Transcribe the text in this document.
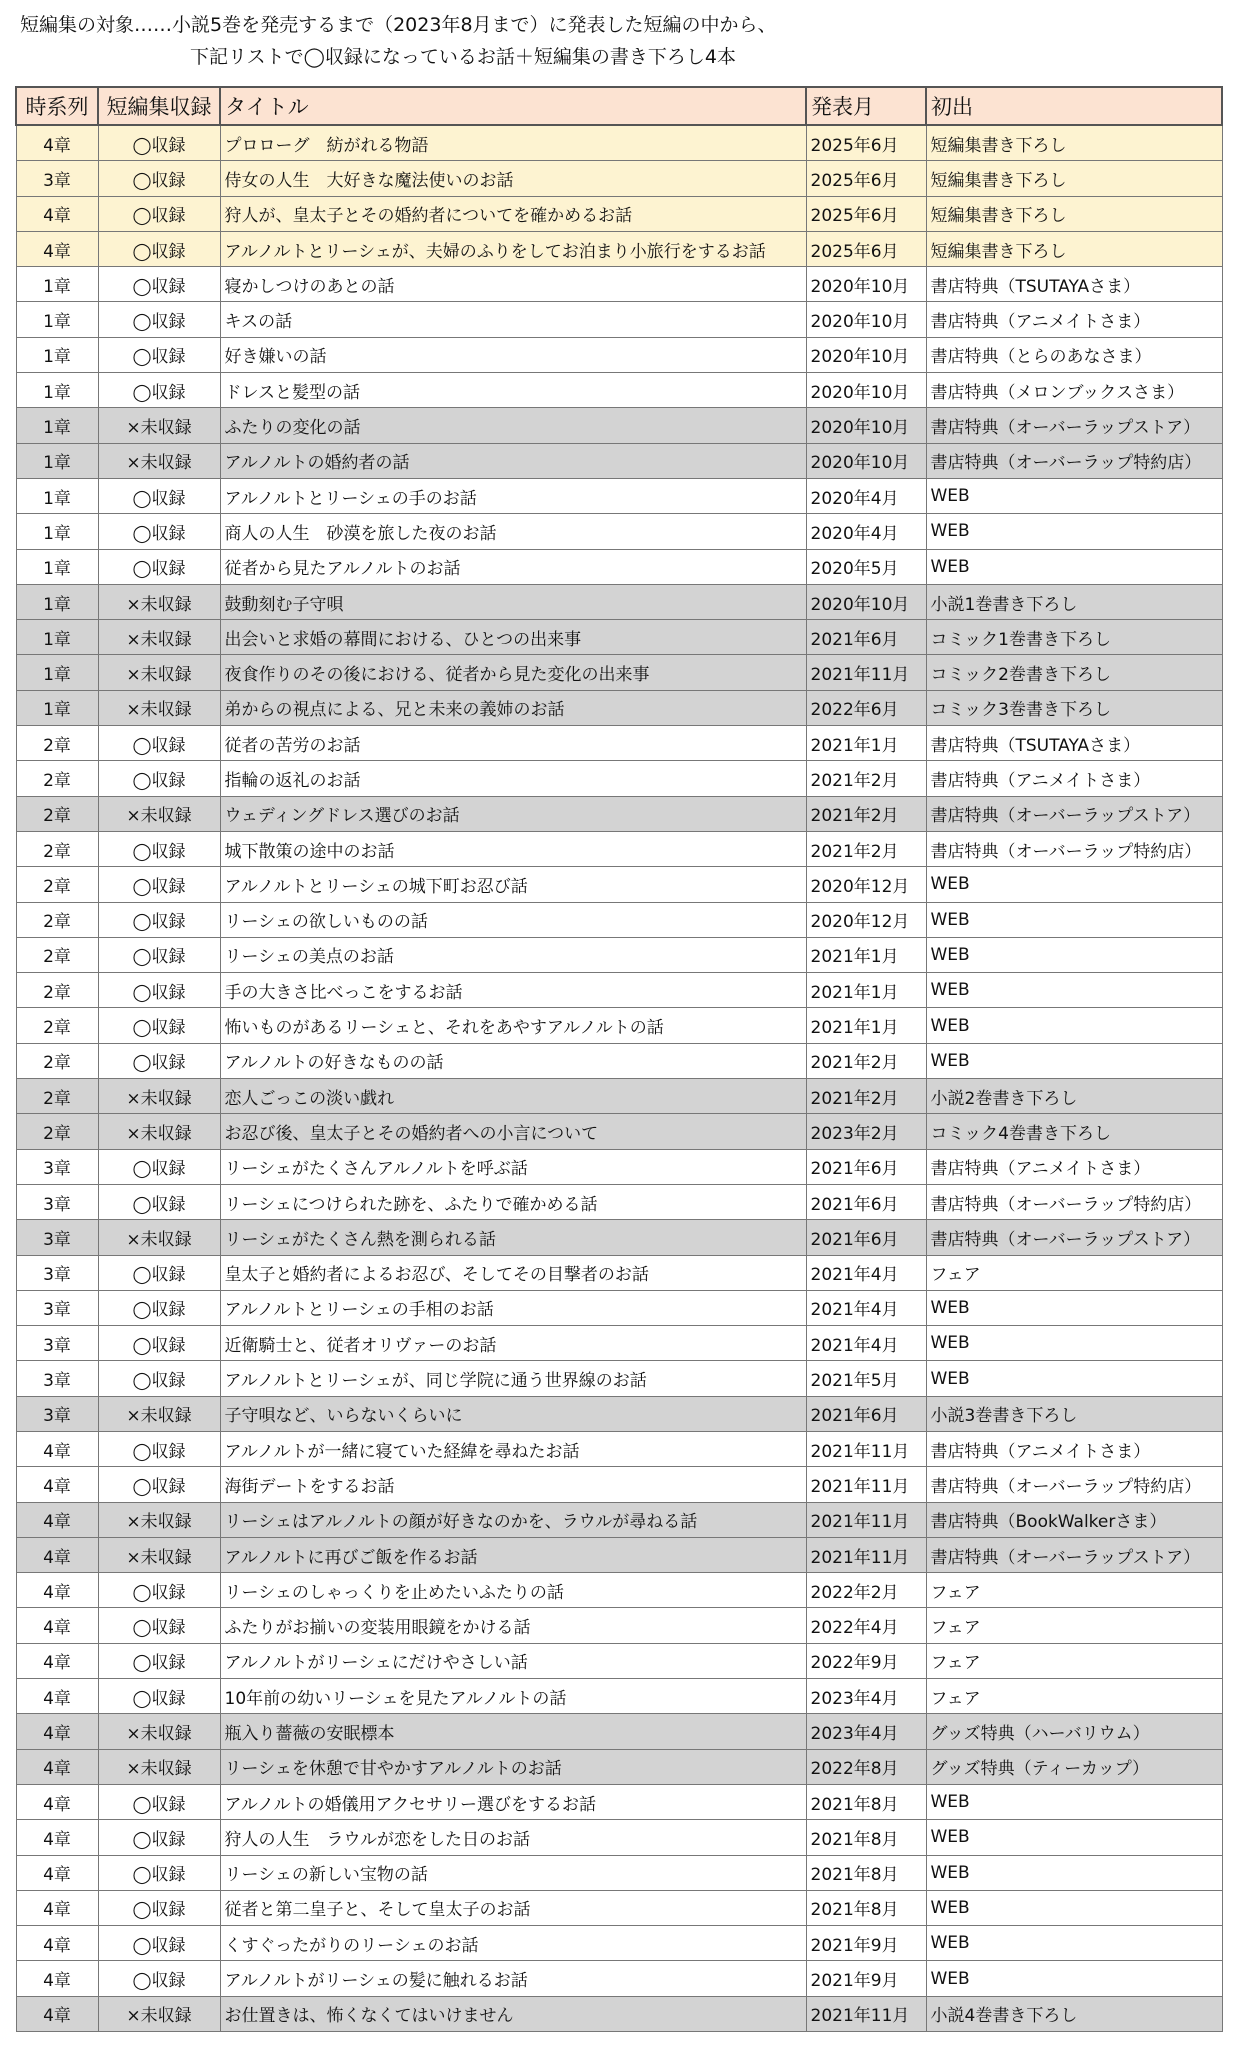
短編集の対象……小説5巻を発売するまで（2023年8月まで）に発表した短編の中から、
下記リストで◯収録になっているお話＋短編集の書き下ろし4本
時系列	短編集収録	タイトル	発表月	初出
4章	◯収録	プロローグ　紡がれる物語	2025年6月	短編集書き下ろし
3章	◯収録	侍女の人生　大好きな魔法使いのお話	2025年6月	短編集書き下ろし
4章	◯収録	狩人が、皇太子とその婚約者についてを確かめるお話	2025年6月	短編集書き下ろし
4章	◯収録	アルノルトとリーシェが、夫婦のふりをしてお泊まり小旅行をするお話	2025年6月	短編集書き下ろし
1章	◯収録	寝かしつけのあとの話	2020年10月	書店特典（TSUTAYAさま）
1章	◯収録	キスの話	2020年10月	書店特典（アニメイトさま）
1章	◯収録	好き嫌いの話	2020年10月	書店特典（とらのあなさま）
1章	◯収録	ドレスと髪型の話	2020年10月	書店特典（メロンブックスさま）
1章	×未収録	ふたりの変化の話	2020年10月	書店特典（オーバーラップストア）
1章	×未収録	アルノルトの婚約者の話	2020年10月	書店特典（オーバーラップ特約店）
1章	◯収録	アルノルトとリーシェの手のお話	2020年4月	WEB
1章	◯収録	商人の人生　砂漠を旅した夜のお話	2020年4月	WEB
1章	◯収録	従者から見たアルノルトのお話	2020年5月	WEB
1章	×未収録	鼓動刻む子守唄	2020年10月	小説1巻書き下ろし
1章	×未収録	出会いと求婚の幕間における、ひとつの出来事	2021年6月	コミック1巻書き下ろし
1章	×未収録	夜食作りのその後における、従者から見た変化の出来事	2021年11月	コミック2巻書き下ろし
1章	×未収録	弟からの視点による、兄と未来の義姉のお話	2022年6月	コミック3巻書き下ろし
2章	◯収録	従者の苦労のお話	2021年1月	書店特典（TSUTAYAさま）
2章	◯収録	指輪の返礼のお話	2021年2月	書店特典（アニメイトさま）
2章	×未収録	ウェディングドレス選びのお話	2021年2月	書店特典（オーバーラップストア）
2章	◯収録	城下散策の途中のお話	2021年2月	書店特典（オーバーラップ特約店）
2章	◯収録	アルノルトとリーシェの城下町お忍び話	2020年12月	WEB
2章	◯収録	リーシェの欲しいものの話	2020年12月	WEB
2章	◯収録	リーシェの美点のお話	2021年1月	WEB
2章	◯収録	手の大きさ比べっこをするお話	2021年1月	WEB
2章	◯収録	怖いものがあるリーシェと、それをあやすアルノルトの話	2021年1月	WEB
2章	◯収録	アルノルトの好きなものの話	2021年2月	WEB
2章	×未収録	恋人ごっこの淡い戯れ	2021年2月	小説2巻書き下ろし
2章	×未収録	お忍び後、皇太子とその婚約者への小言について	2023年2月	コミック4巻書き下ろし
3章	◯収録	リーシェがたくさんアルノルトを呼ぶ話	2021年6月	書店特典（アニメイトさま）
3章	◯収録	リーシェにつけられた跡を、ふたりで確かめる話	2021年6月	書店特典（オーバーラップ特約店）
3章	×未収録	リーシェがたくさん熱を測られる話	2021年6月	書店特典（オーバーラップストア）
3章	◯収録	皇太子と婚約者によるお忍び、そしてその目撃者のお話	2021年4月	フェア
3章	◯収録	アルノルトとリーシェの手相のお話	2021年4月	WEB
3章	◯収録	近衛騎士と、従者オリヴァーのお話	2021年4月	WEB
3章	◯収録	アルノルトとリーシェが、同じ学院に通う世界線のお話	2021年5月	WEB
3章	×未収録	子守唄など、いらないくらいに	2021年6月	小説3巻書き下ろし
4章	◯収録	アルノルトが一緒に寝ていた経緯を尋ねたお話	2021年11月	書店特典（アニメイトさま）
4章	◯収録	海街デートをするお話	2021年11月	書店特典（オーバーラップ特約店）
4章	×未収録	リーシェはアルノルトの顔が好きなのかを、ラウルが尋ねる話	2021年11月	書店特典（BookWalkerさま）
4章	×未収録	アルノルトに再びご飯を作るお話	2021年11月	書店特典（オーバーラップストア）
4章	◯収録	リーシェのしゃっくりを止めたいふたりの話	2022年2月	フェア
4章	◯収録	ふたりがお揃いの変装用眼鏡をかける話	2022年4月	フェア
4章	◯収録	アルノルトがリーシェにだけやさしい話	2022年9月	フェア
4章	◯収録	10年前の幼いリーシェを見たアルノルトの話	2023年4月	フェア
4章	×未収録	瓶入り薔薇の安眠標本	2023年4月	グッズ特典（ハーバリウム）
4章	×未収録	リーシェを休憩で甘やかすアルノルトのお話	2022年8月	グッズ特典（ティーカップ）
4章	◯収録	アルノルトの婚儀用アクセサリー選びをするお話	2021年8月	WEB
4章	◯収録	狩人の人生　ラウルが恋をした日のお話	2021年8月	WEB
4章	◯収録	リーシェの新しい宝物の話	2021年8月	WEB
4章	◯収録	従者と第二皇子と、そして皇太子のお話	2021年8月	WEB
4章	◯収録	くすぐったがりのリーシェのお話	2021年9月	WEB
4章	◯収録	アルノルトがリーシェの髪に触れるお話	2021年9月	WEB
4章	×未収録	お仕置きは、怖くなくてはいけません	2021年11月	小説4巻書き下ろし
